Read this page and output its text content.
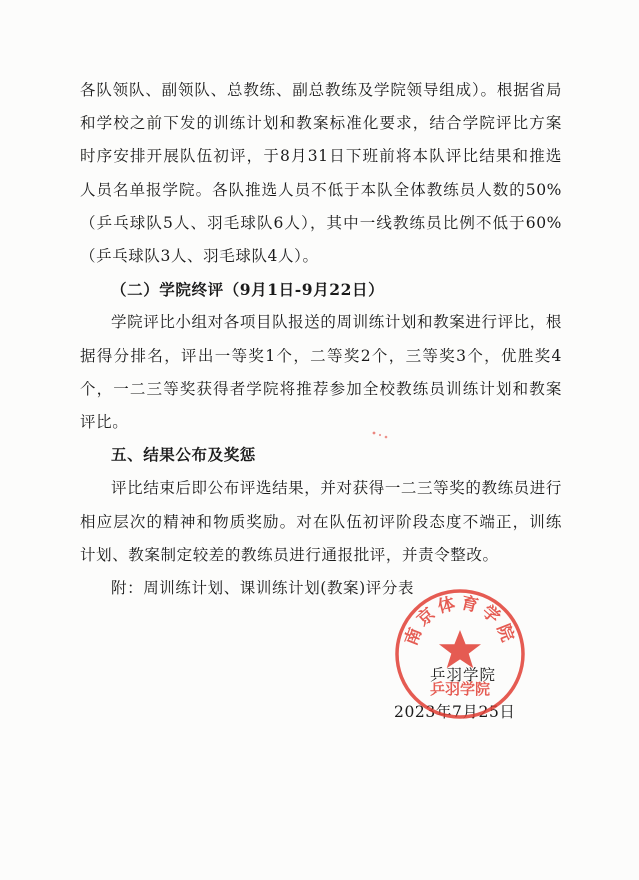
各队领队、副领队、总教练、副总教练及学院领导组成）。根据省局和学校之前下发的训练计划和教案标准化要求，结合学院评比方案时序安排开展队伍初评，于8月31日下班前将本队评比结果和推选人员名单报学院。各队推选人员不低于本队全体教练员人数的50%（乒乓球队5人、羽毛球队6人），其中一线教练员比例不低于60%（乒乓球队3人、羽毛球队4人）。

（二）学院终评（9月1日-9月22日）

学院评比小组对各项目队报送的周训练计划和教案进行评比，根据得分排名，评出一等奖1个，二等奖2个，三等奖3个，优胜奖4个，一二三等奖获得者学院将推荐参加全校教练员训练计划和教案评比。

五、结果公布及奖惩

评比结束后即公布评选结果，并对获得一二三等奖的教练员进行相应层次的精神和物质奖励。对在队伍初评阶段态度不端正，训练计划、教案制定较差的教练员进行通报批评，并责令整改。

附：周训练计划、课训练计划(教案)评分表

乒羽学院
2023年7月25日
南京体育学院
乒羽学院
